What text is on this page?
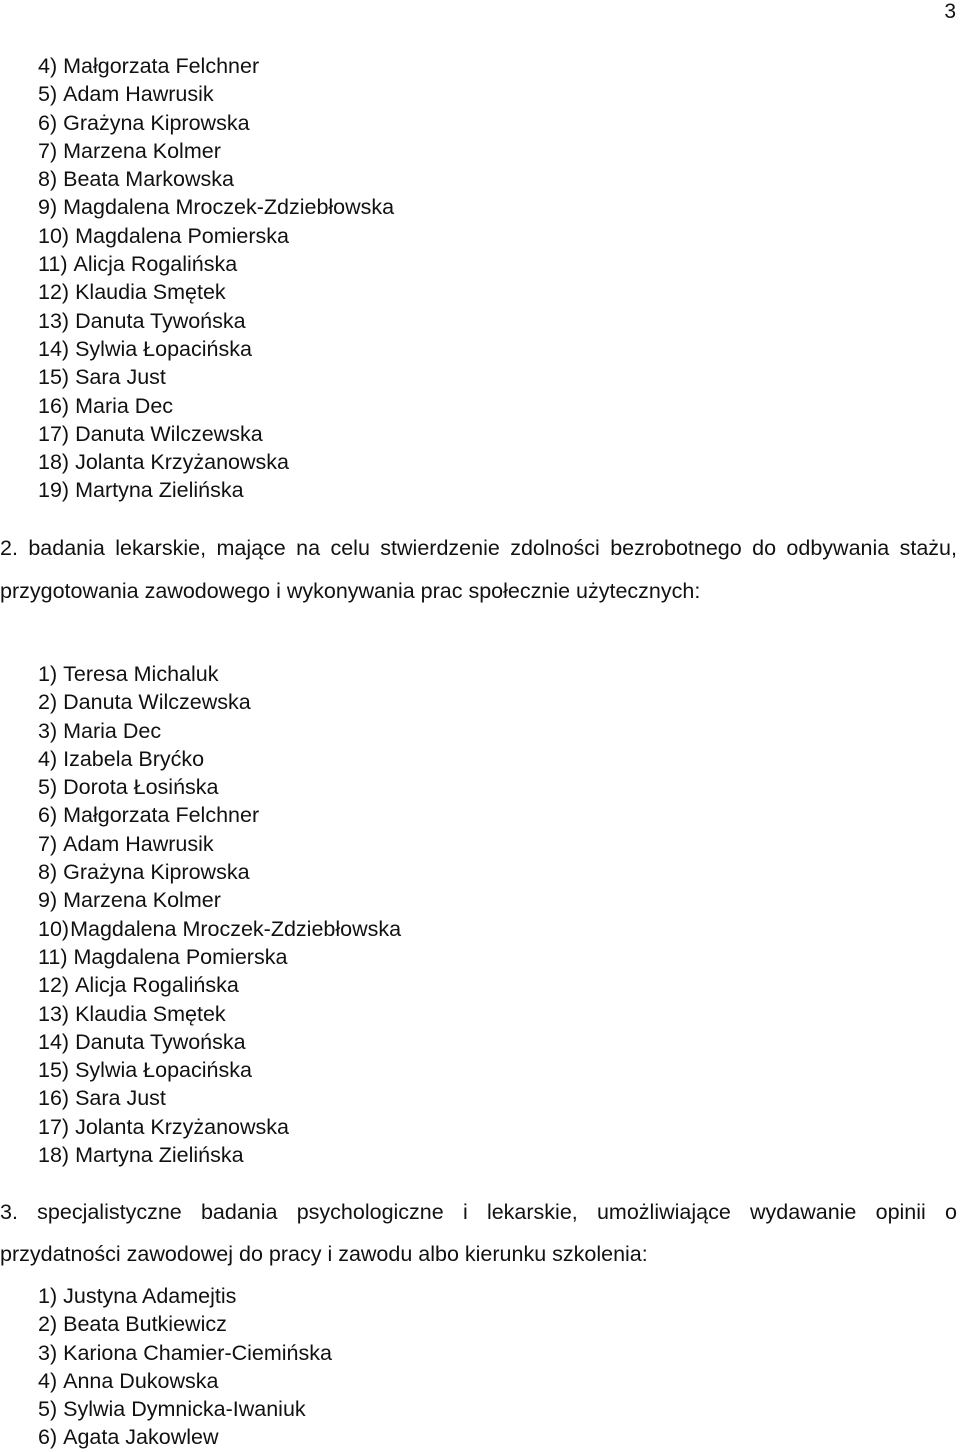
3
4) Małgorzata Felchner
5) Adam Hawrusik
6) Grażyna Kiprowska
7) Marzena Kolmer
8) Beata Markowska
9) Magdalena Mroczek-Zdziebłowska
10) Magdalena Pomierska
11) Alicja Rogalińska
12) Klaudia Smętek
13) Danuta Tywońska
14) Sylwia Łopacińska
15) Sara Just
16) Maria Dec
17) Danuta Wilczewska
18) Jolanta Krzyżanowska
19) Martyna Zielińska

2. badania lekarskie, mające na celu stwierdzenie zdolności bezrobotnego do odbywania stażu, przygotowania zawodowego i wykonywania prac społecznie użytecznych:

1) Teresa Michaluk
2) Danuta Wilczewska
3) Maria Dec
4) Izabela Bryćko
5) Dorota Łosińska
6) Małgorzata Felchner
7) Adam Hawrusik
8) Grażyna Kiprowska
9) Marzena Kolmer
10)Magdalena Mroczek-Zdziebłowska
11) Magdalena Pomierska
12) Alicja Rogalińska
13) Klaudia Smętek
14) Danuta Tywońska
15) Sylwia Łopacińska
16) Sara Just
17) Jolanta Krzyżanowska
18) Martyna Zielińska

3. specjalistyczne badania psychologiczne i lekarskie, umożliwiające wydawanie opinii o przydatności zawodowej do pracy i zawodu albo kierunku szkolenia:

1) Justyna Adamejtis
2) Beata Butkiewicz
3) Kariona Chamier-Ciemińska
4) Anna Dukowska
5) Sylwia Dymnicka-Iwaniuk
6) Agata Jakowlew
